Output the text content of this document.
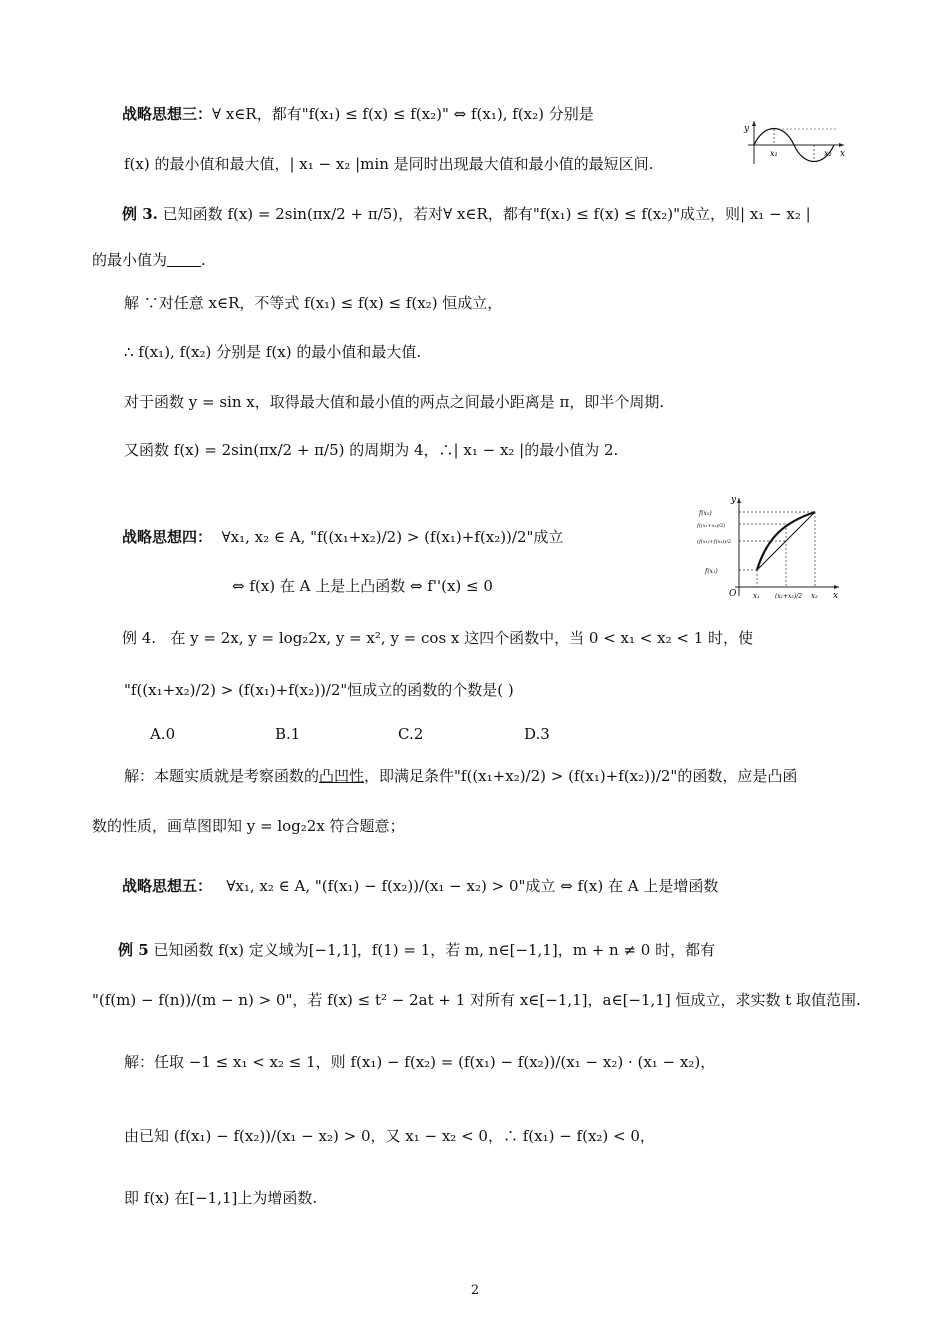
战略思想三：∀ x∈R，都有"f(x₁) ≤ f(x) ≤ f(x₂)" ⇔ f(x₁), f(x₂) 分别是
f(x) 的最小值和最大值，| x₁ − x₂ |min 是同时出现最大值和最小值的最短区间.
y
x
x₁	x₂
例 3. 已知函数 f(x) = 2sin(πx/2 + π/5)，若对∀ x∈R，都有"f(x₁) ≤ f(x) ≤ f(x₂)"成立，则| x₁ − x₂ |
的最小值为 .
解 ∵对任意 x∈R，不等式 f(x₁) ≤ f(x) ≤ f(x₂) 恒成立，
∴ f(x₁), f(x₂) 分别是 f(x) 的最小值和最大值.
对于函数 y = sin x，取得最大值和最小值的两点之间最小距离是 π，即半个周期.
又函数 f(x) = 2sin(πx/2 + π/5) 的周期为 4，∴| x₁ − x₂ |的最小值为 2.
战略思想四： ∀x₁, x₂ ∈ A, "f((x₁+x₂)/2) > (f(x₁)+f(x₂))/2"成立
⇔ f(x) 在 A 上是上凸函数 ⇔ f''(x) ≤ 0
y
x
O x₁	(x₁+x₂)/2 x₂
f(x₂)
f((x₁+x₂)/2)
(f(x₁)+f(x₂))/2
f(x₁)
例 4. 在 y = 2x, y = log₂2x, y = x², y = cos x 这四个函数中，当 0 < x₁ < x₂ < 1 时，使
"f((x₁+x₂)/2) > (f(x₁)+f(x₂))/2"恒成立的函数的个数是( )
A.0	B.1	C.2	D.3
解：本题实质就是考察函数的凸凹性，即满足条件"f((x₁+x₂)/2) > (f(x₁)+f(x₂))/2"的函数，应是凸函
数的性质，画草图即知 y = log₂2x 符合题意；
战略思想五： ∀x₁, x₂ ∈ A, "(f(x₁) − f(x₂))/(x₁ − x₂) > 0"成立 ⇔ f(x) 在 A 上是增函数
例 5 已知函数 f(x) 定义域为[−1,1]，f(1) = 1，若 m, n∈[−1,1]，m + n ≠ 0 时，都有
"(f(m) − f(n))/(m − n) > 0"，若 f(x) ≤ t² − 2at + 1 对所有 x∈[−1,1]，a∈[−1,1] 恒成立，求实数 t 取值范围.
解：任取 −1 ≤ x₁ < x₂ ≤ 1，则 f(x₁) − f(x₂) = (f(x₁) − f(x₂))/(x₁ − x₂) · (x₁ − x₂)，
由已知 (f(x₁) − f(x₂))/(x₁ − x₂) > 0，又 x₁ − x₂ < 0，∴ f(x₁) − f(x₂) < 0，
即 f(x) 在[−1,1]上为增函数.
2
